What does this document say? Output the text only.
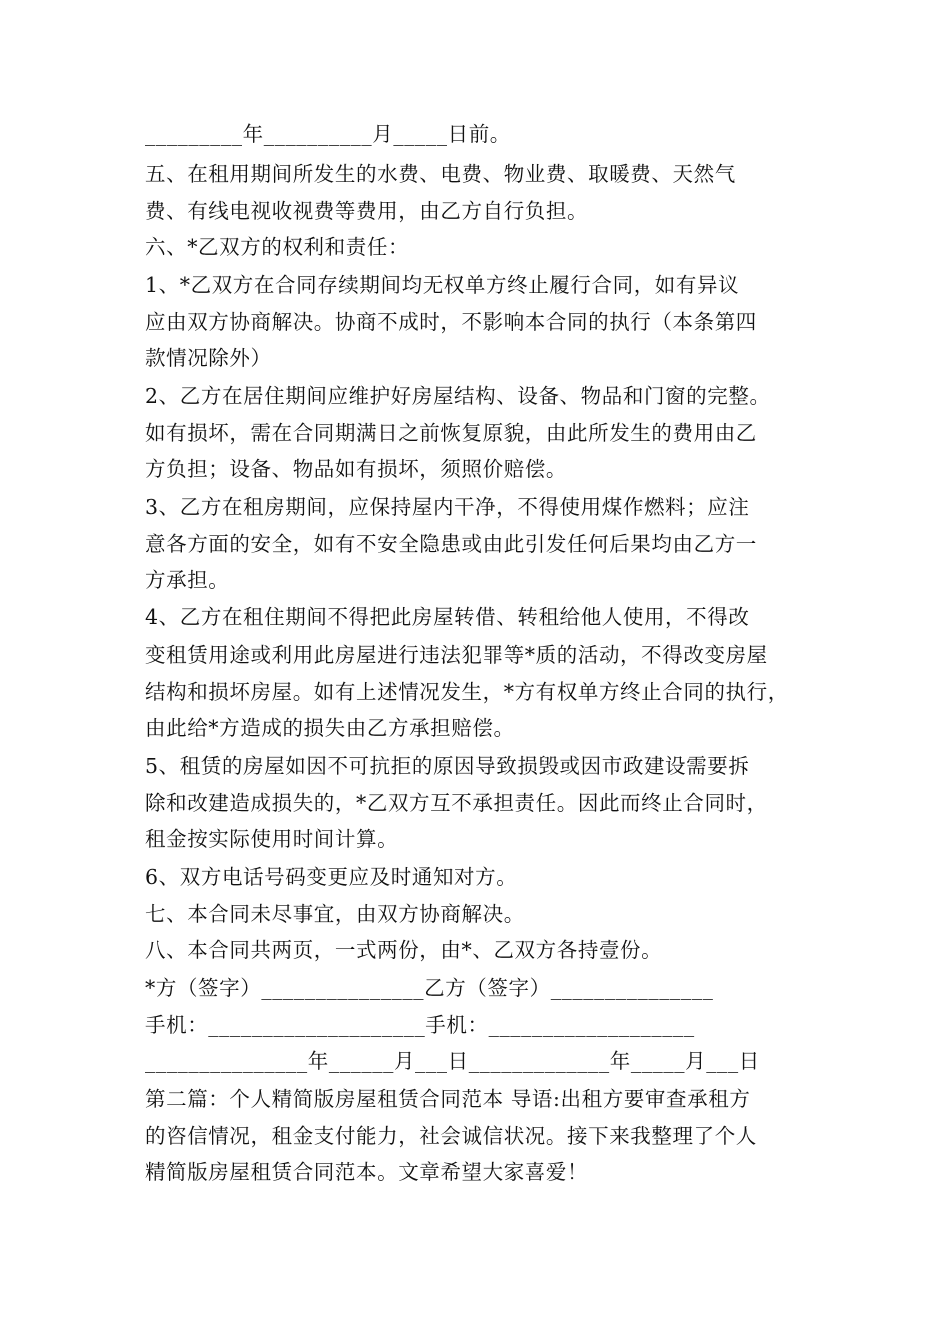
_________年__________月_____日前。
五、在租用期间所发生的水费、电费、物业费、取暖费、天然气
费、有线电视收视费等费用，由乙方自行负担。
六、*乙双方的权利和责任：
1、*乙双方在合同存续期间均无权单方终止履行合同，如有异议
应由双方协商解决。协商不成时，不影响本合同的执行（本条第四
款情况除外）
2、乙方在居住期间应维护好房屋结构、设备、物品和门窗的完整。
如有损坏，需在合同期满日之前恢复原貌，由此所发生的费用由乙
方负担；设备、物品如有损坏，须照价赔偿。
3、乙方在租房期间，应保持屋内干净，不得使用煤作燃料；应注
意各方面的安全，如有不安全隐患或由此引发任何后果均由乙方一
方承担。
4、乙方在租住期间不得把此房屋转借、转租给他人使用，不得改
变租赁用途或利用此房屋进行违法犯罪等*质的活动，不得改变房屋
结构和损坏房屋。如有上述情况发生，*方有权单方终止合同的执行，
由此给*方造成的损失由乙方承担赔偿。
5、租赁的房屋如因不可抗拒的原因导致损毁或因市政建设需要拆
除和改建造成损失的，*乙双方互不承担责任。因此而终止合同时，
租金按实际使用时间计算。
6、双方电话号码变更应及时通知对方。
七、本合同未尽事宜，由双方协商解决。
八、本合同共两页，一式两份，由*、乙双方各持壹份。
*方（签字）_______________乙方（签字）_______________
手机：____________________手机：___________________
_______________年______月___日_____________年_____月___日
第二篇：个人精简版房屋租赁合同范本 导语:出租方要审查承租方
的咨信情况，租金支付能力，社会诚信状况。接下来我整理了个人
精简版房屋租赁合同范本。文章希望大家喜爱！
